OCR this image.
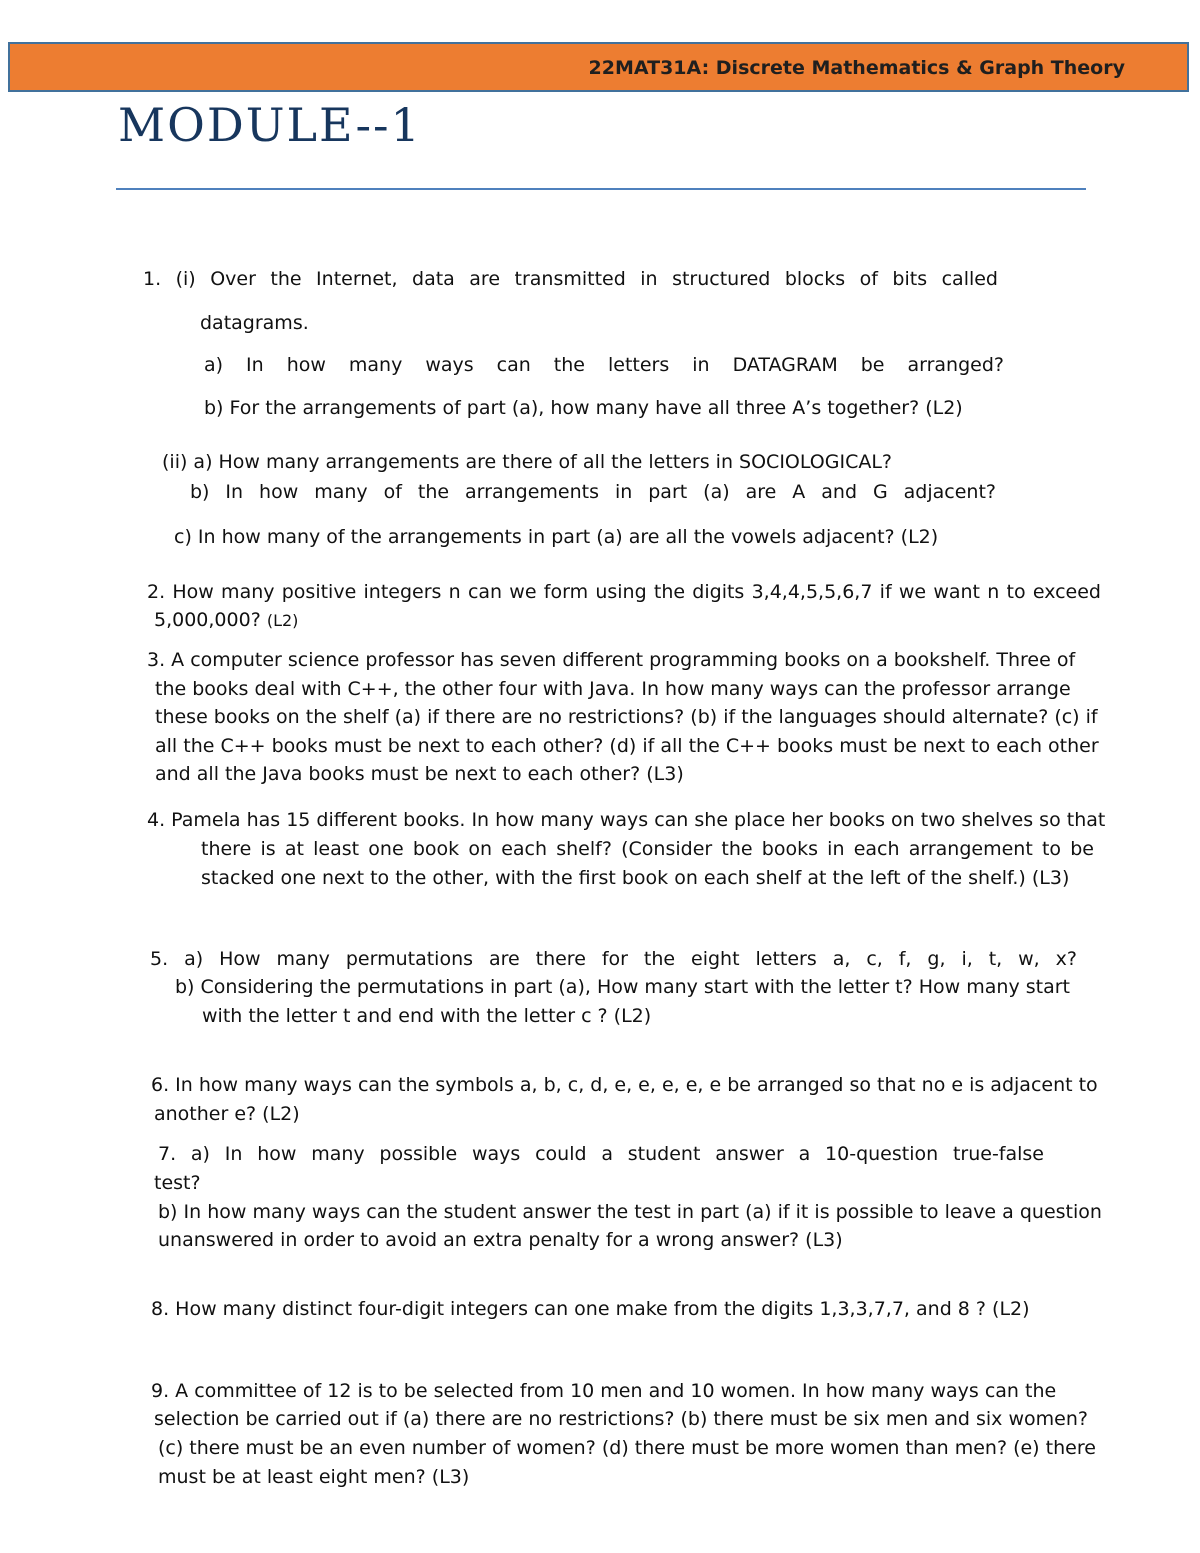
22MAT31A: Discrete Mathematics & Graph Theory
MODULE--1
1. (i) Over the Internet, data are transmitted in structured blocks of bits called
datagrams.
a) In how many ways can the letters in DATAGRAM be arranged?
b) For the arrangements of part (a), how many have all three A’s together? (L2)
(ii) a) How many arrangements are there of all the letters in SOCIOLOGICAL?
b) In how many of the arrangements in part (a) are A and G adjacent?
c) In how many of the arrangements in part (a) are all the vowels adjacent? (L2)
2. How many positive integers n can we form using the digits 3,4,4,5,5,6,7 if we want n to exceed
5,000,000? (L2)
3. A computer science professor has seven different programming books on a bookshelf. Three of
the books deal with C++, the other four with Java. In how many ways can the professor arrange
these books on the shelf (a) if there are no restrictions? (b) if the languages should alternate? (c) if
all the C++ books must be next to each other? (d) if all the C++ books must be next to each other
and all the Java books must be next to each other? (L3)
4. Pamela has 15 different books. In how many ways can she place her books on two shelves so that
there is at least one book on each shelf? (Consider the books in each arrangement to be
stacked one next to the other, with the first book on each shelf at the left of the shelf.) (L3)
5. a) How many permutations are there for the eight letters a, c, f, g, i, t, w, x?
b) Considering the permutations in part (a), How many start with the letter t? How many start
with the letter t and end with the letter c ? (L2)
6. In how many ways can the symbols a, b, c, d, e, e, e, e, e be arranged so that no e is adjacent to
another e? (L2)
7. a) In how many possible ways could a student answer a 10-question true-false
test?
b) In how many ways can the student answer the test in part (a) if it is possible to leave a question
unanswered in order to avoid an extra penalty for a wrong answer? (L3)
8. How many distinct four-digit integers can one make from the digits 1,3,3,7,7, and 8 ? (L2)
9. A committee of 12 is to be selected from 10 men and 10 women. In how many ways can the
selection be carried out if (a) there are no restrictions? (b) there must be six men and six women?
(c) there must be an even number of women? (d) there must be more women than men? (e) there
must be at least eight men? (L3)
